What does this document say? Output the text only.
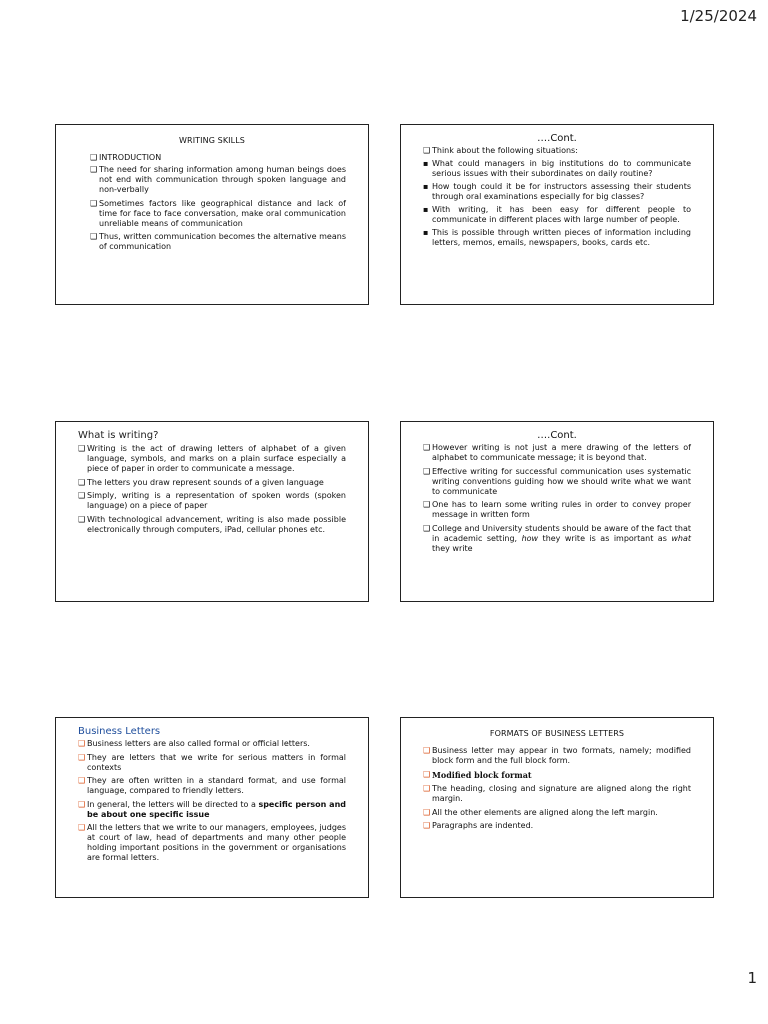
1/25/2024
WRITING SKILLS
❑ INTRODUCTION
❑ The need for sharing information among human beings does not end with communication through spoken language and non-verbally
❑ Sometimes factors like geographical distance and lack of time for face to face conversation, make oral communication unreliable means of communication
❑ Thus, written communication becomes the alternative means of communication
….Cont.
❑ Think about the following situations:
▪ What could managers in big institutions do to communicate serious issues with their subordinates on daily routine?
▪ How tough could it be for instructors assessing their students through oral examinations especially for big classes?
▪ With writing, it has been easy for different people to communicate in different places with large number of people.
▪ This is possible through written pieces of information including letters, memos, emails, newspapers, books, cards etc.
What is writing?
❑ Writing is the act of drawing letters of alphabet of a given language, symbols, and marks on a plain surface especially a piece of paper in order to communicate a message.
❑ The letters you draw represent sounds of a given language
❑ Simply, writing is a representation of spoken words (spoken language) on a piece of paper
❑ With technological advancement, writing is also made possible electronically through computers, iPad, cellular phones etc.
….Cont.
❑ However writing is not just a mere drawing of the letters of alphabet to communicate message; it is beyond that.
❑ Effective writing for successful communication uses systematic writing conventions guiding how we should write what we want to communicate
❑ One has to learn some writing rules in order to convey proper message in written form
❑ College and University students should be aware of the fact that in academic setting, how they write is as important as what they write
Business Letters
❑ Business letters are also called formal or official letters.
❑ They are letters that we write for serious matters in formal contexts
❑ They are often written in a standard format, and use formal language, compared to friendly letters.
❑ In general, the letters will be directed to a specific person and be about one specific issue
❑ All the letters that we write to our managers, employees, judges at court of law, head of departments and many other people holding important positions in the government or organisations are formal letters.
FORMATS OF BUSINESS LETTERS
❑ Business letter may appear in two formats, namely; modified block form and the full block form.
❑ Modified block format
❑ The heading, closing and signature are aligned along the right margin.
❑ All the other elements are aligned along the left margin.
❑ Paragraphs are indented.
1
